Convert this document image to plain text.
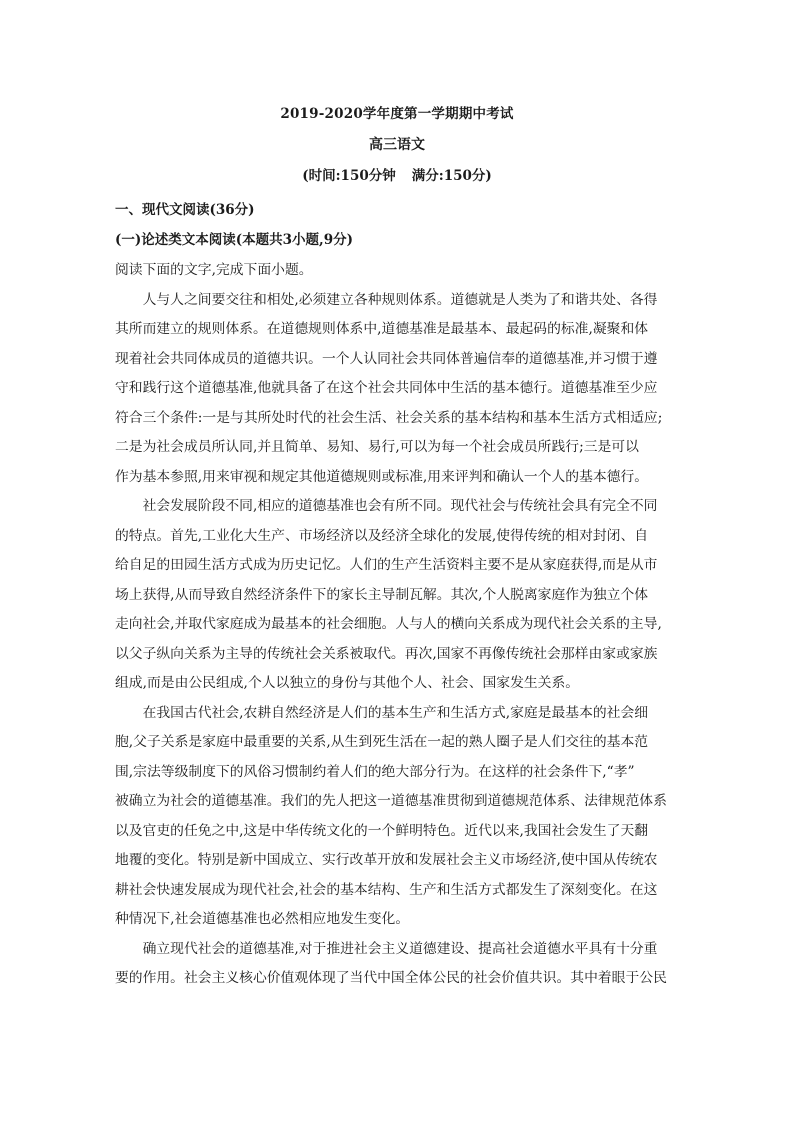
2019-2020学年度第一学期期中考试
高三语文
(时间:150分钟 满分:150分)
一、现代文阅读(36分)
(一)论述类文本阅读(本题共3小题,9分)

阅读下面的文字,完成下面小题。

人与人之间要交往和相处,必须建立各种规则体系。道德就是人类为了和谐共处、各得
其所而建立的规则体系。在道德规则体系中,道德基准是最基本、最起码的标准,凝聚和体
现着社会共同体成员的道德共识。一个人认同社会共同体普遍信奉的道德基准,并习惯于遵
守和践行这个道德基准,他就具备了在这个社会共同体中生活的基本德行。道德基准至少应
符合三个条件:一是与其所处时代的社会生活、社会关系的基本结构和基本生活方式相适应;
二是为社会成员所认同,并且简单、易知、易行,可以为每一个社会成员所践行;三是可以
作为基本参照,用来审视和规定其他道德规则或标准,用来评判和确认一个人的基本德行。

社会发展阶段不同,相应的道德基准也会有所不同。现代社会与传统社会具有完全不同
的特点。首先,工业化大生产、市场经济以及经济全球化的发展,使得传统的相对封闭、自
给自足的田园生活方式成为历史记忆。人们的生产生活资料主要不是从家庭获得,而是从市
场上获得,从而导致自然经济条件下的家长主导制瓦解。其次,个人脱离家庭作为独立个体
走向社会,并取代家庭成为最基本的社会细胞。人与人的横向关系成为现代社会关系的主导,
以父子纵向关系为主导的传统社会关系被取代。再次,国家不再像传统社会那样由家或家族
组成,而是由公民组成,个人以独立的身份与其他个人、社会、国家发生关系。

在我国古代社会,农耕自然经济是人们的基本生产和生活方式,家庭是最基本的社会细
胞,父子关系是家庭中最重要的关系,从生到死生活在一起的熟人圈子是人们交往的基本范
围,宗法等级制度下的风俗习惯制约着人们的绝大部分行为。在这样的社会条件下,“孝”
被确立为社会的道德基准。我们的先人把这一道德基准贯彻到道德规范体系、法律规范体系
以及官吏的任免之中,这是中华传统文化的一个鲜明特色。近代以来,我国社会发生了天翻
地覆的变化。特别是新中国成立、实行改革开放和发展社会主义市场经济,使中国从传统农
耕社会快速发展成为现代社会,社会的基本结构、生产和生活方式都发生了深刻变化。在这
种情况下,社会道德基准也必然相应地发生变化。

确立现代社会的道德基准,对于推进社会主义道德建设、提高社会道德水平具有十分重
要的作用。社会主义核心价值观体现了当代中国全体公民的社会价值共识。其中着眼于公民
